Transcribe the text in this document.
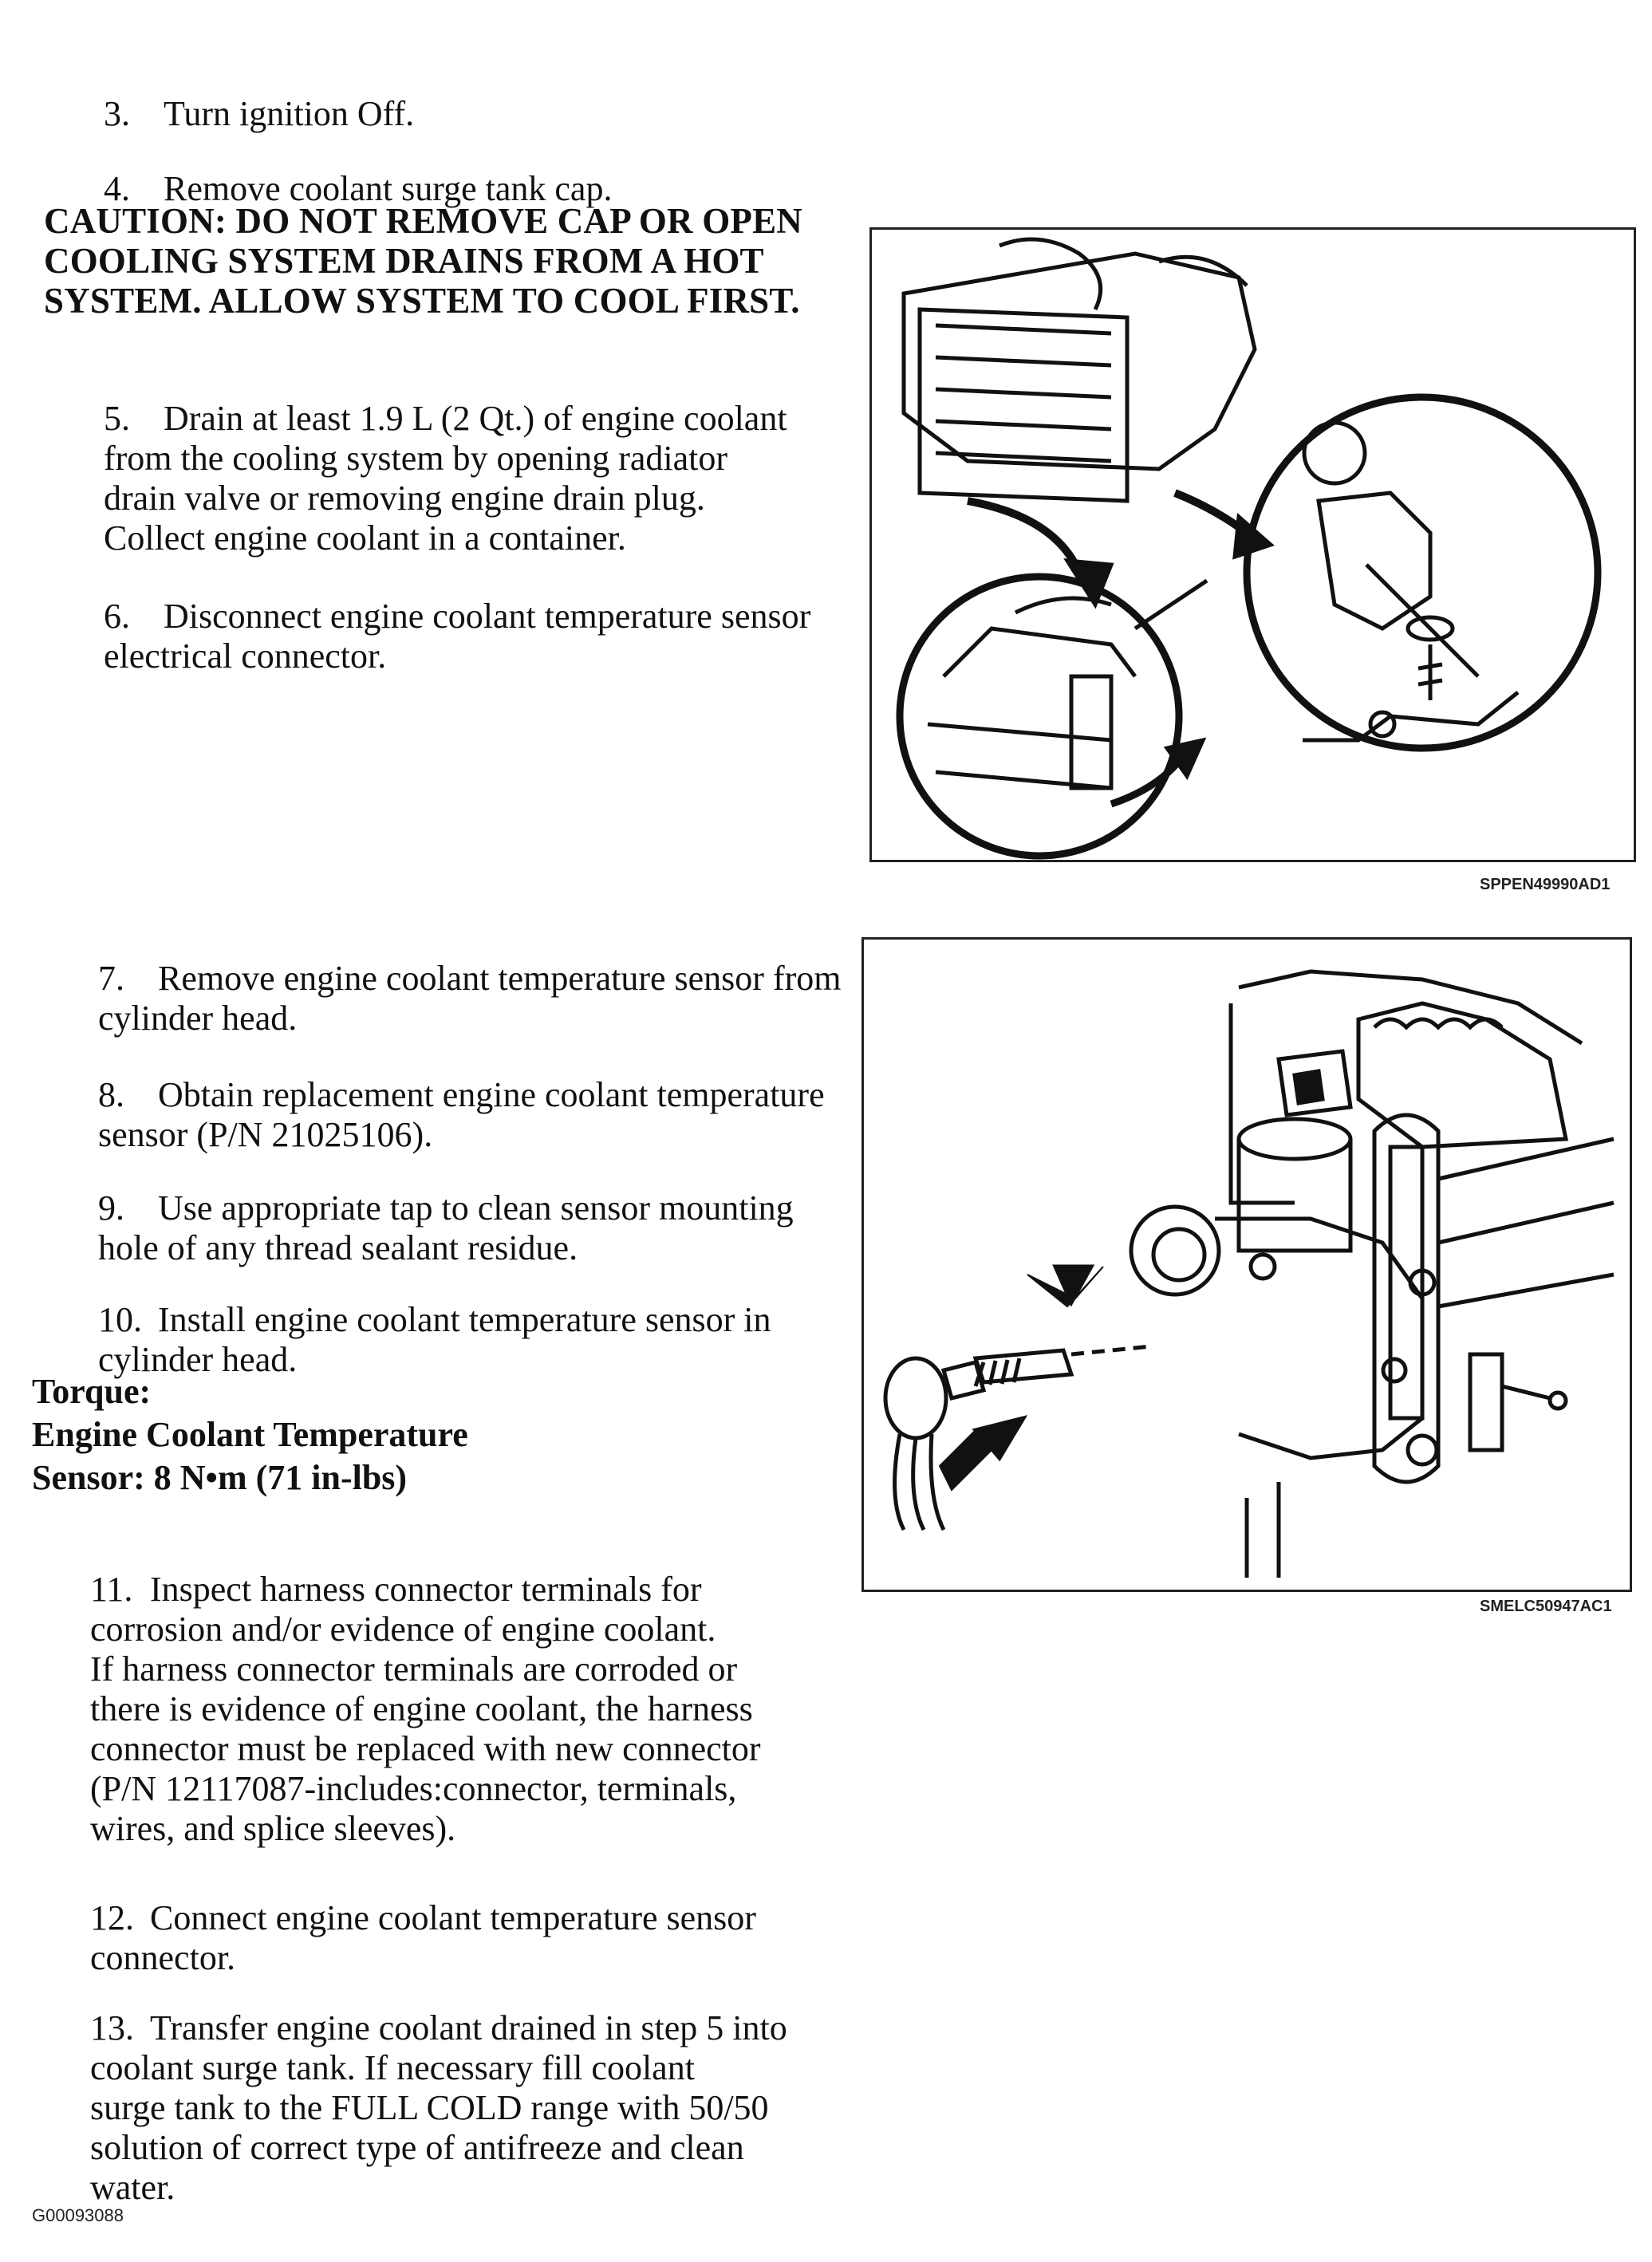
3. Turn ignition Off.

4. Remove coolant surge tank cap.

CAUTION: DO NOT REMOVE CAP OR OPEN
COOLING SYSTEM DRAINS FROM A HOT
SYSTEM. ALLOW SYSTEM TO COOL FIRST.

5. Drain at least 1.9 L (2 Qt.) of engine coolant
from the cooling system by opening radiator
drain valve or removing engine drain plug.
Collect engine coolant in a container.

6. Disconnect engine coolant temperature sensor
electrical connector.

SPPEN49990AD1

7. Remove engine coolant temperature sensor from
cylinder head.

8. Obtain replacement engine coolant temperature
sensor (P/N 21025106).

9. Use appropriate tap to clean sensor mounting
hole of any thread sealant residue.

10. Install engine coolant temperature sensor in
cylinder head.

Torque:
Engine Coolant Temperature
Sensor: 8 N•m (71 in-lbs)
SMELC50947AC1

11. Inspect harness connector terminals for
corrosion and/or evidence of engine coolant.
If harness connector terminals are corroded or
there is evidence of engine coolant, the harness
connector must be replaced with new connector
(P/N 12117087-includes:connector, terminals,
wires, and splice sleeves).

12. Connect engine coolant temperature sensor
connector.

13. Transfer engine coolant drained in step 5 into
coolant surge tank. If necessary fill coolant
surge tank to the FULL COLD range with 50/50
solution of correct type of antifreeze and clean
water.

G00093088
